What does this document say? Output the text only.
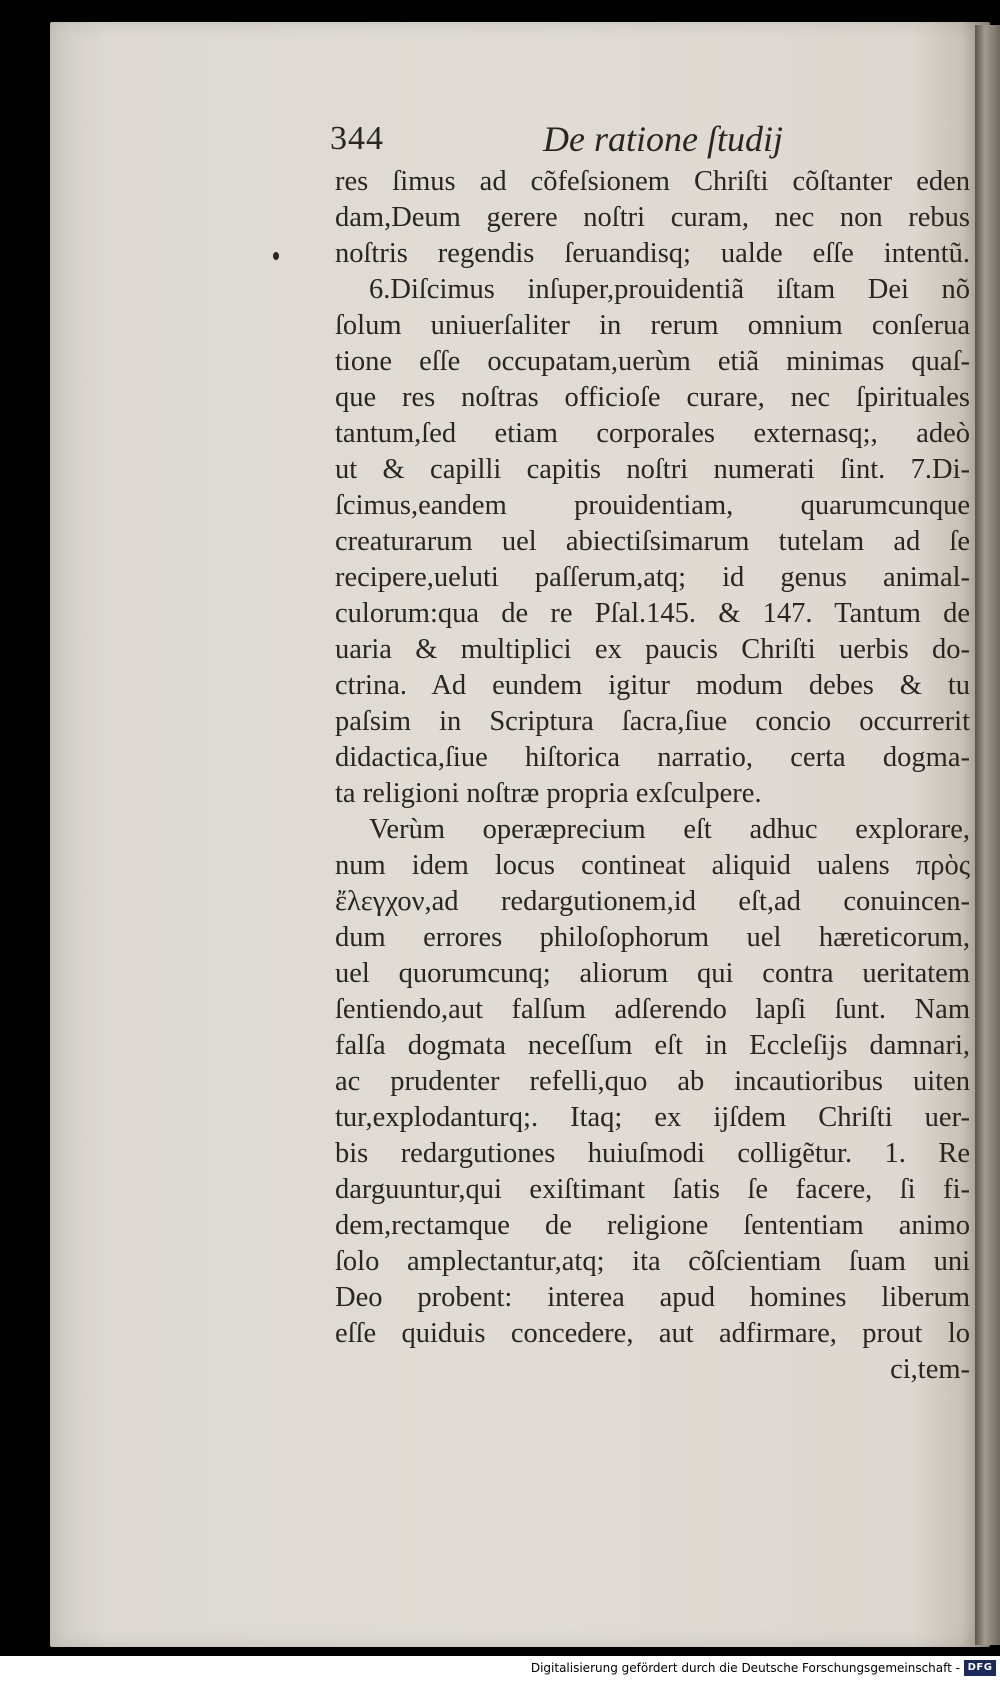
344	De ratione ſtudij
res ſimus ad cõfeſsionem Chriſti cõſtanter eden
dam,Deum gerere noſtri curam, nec non rebus
noſtris regendis ſeruandisq; ualde eſſe intentũ.
6.Diſcimus inſuper,prouidentiã iſtam Dei nõ
ſolum uniuerſaliter in rerum omnium conſerua
tione eſſe occupatam,uerùm etiã minimas quaſ-
que res noſtras officioſe curare, nec ſpirituales
tantum,ſed etiam corporales externasq;, adeò
ut & capilli capitis noſtri numerati ſint. 7.Di-
ſcimus,eandem prouidentiam, quarumcunque
creaturarum uel abiectiſsimarum tutelam ad ſe
recipere,ueluti paſſerum,atq; id genus animal-
culorum:qua de re Pſal.145. & 147. Tantum de
uaria & multiplici ex paucis Chriſti uerbis do-
ctrina. Ad eundem igitur modum debes & tu
paſsim in Scriptura ſacra,ſiue concio occurrerit
didactica,ſiue hiſtorica narratio, certa dogma-
ta religioni noſtræ propria exſculpere.
Verùm operæprecium eſt adhuc explorare,
num idem locus contineat aliquid ualens πρὸς
ἔλεγχον,ad redargutionem,id eſt,ad conuincen-
dum errores philoſophorum uel hæreticorum,
uel quorumcunq; aliorum qui contra ueritatem
ſentiendo,aut falſum adſerendo lapſi ſunt. Nam
falſa dogmata neceſſum eſt in Eccleſijs damnari,
ac prudenter refelli,quo ab incautioribus uiten
tur,explodanturq;. Itaq; ex ijſdem Chriſti uer-
bis redargutiones huiuſmodi colligẽtur. 1. Re
darguuntur,qui exiſtimant ſatis ſe facere, ſi fi-
dem,rectamque de religione ſententiam animo
ſolo amplectantur,atq; ita cõſcientiam ſuam uni
Deo probent: interea apud homines liberum
eſſe quiduis concedere, aut adfirmare, prout lo
ci,tem-
Digitalisierung gefördert durch die Deutsche Forschungsgemeinschaft - DFG
